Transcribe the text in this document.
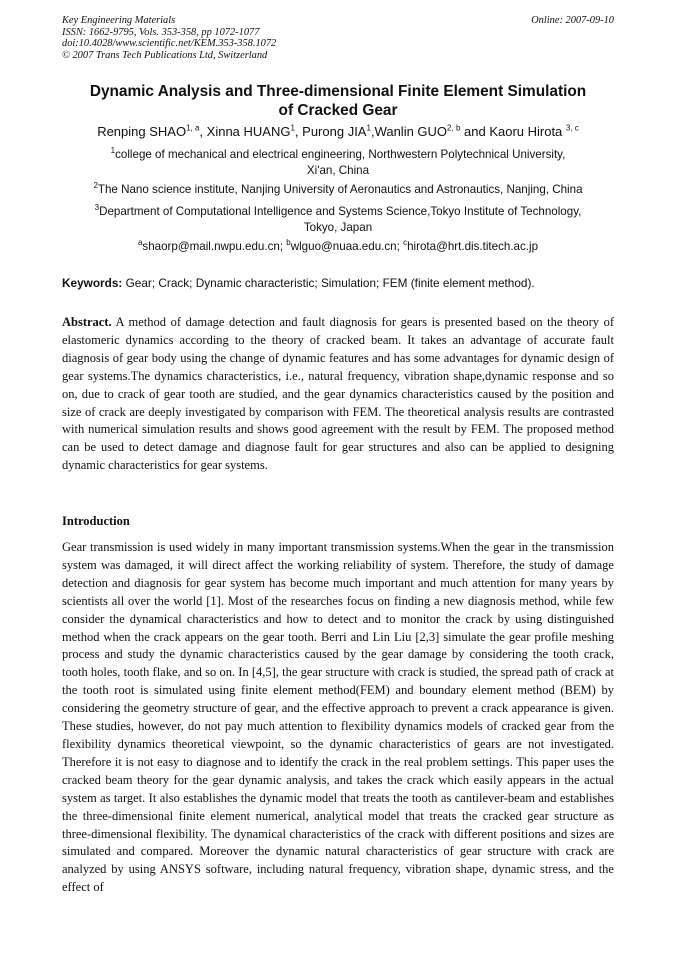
Key Engineering Materials
ISSN: 1662-9795, Vols. 353-358, pp 1072-1077
doi:10.4028/www.scientific.net/KEM.353-358.1072
© 2007 Trans Tech Publications Ltd, Switzerland
Online: 2007-09-10
Dynamic Analysis and Three-dimensional Finite Element Simulation
of Cracked Gear
Renping SHAO$^{1, a}$, Xinna HUANG$^1$, Purong JIA$^1$,Wanlin GUO$^{2, b}$ and Kaoru Hirota $^{3, c}$
$^1$college of mechanical and electrical engineering, Northwestern Polytechnical University,
Xi'an, China
$^2$The Nano science institute, Nanjing University of Aeronautics and Astronautics, Nanjing, China
$^3$Department of Computational Intelligence and Systems Science,Tokyo Institute of Technology,
Tokyo, Japan
$^a$shaorp@mail.nwpu.edu.cn; $^b$wlguo@nuaa.edu.cn; $^c$hirota@hrt.dis.titech.ac.jp
Keywords: Gear; Crack; Dynamic characteristic; Simulation; FEM (finite element method).

Abstract. A method of damage detection and fault diagnosis for gears is presented based on the theory of elastomeric dynamics according to the theory of cracked beam. It takes an advantage of accurate fault diagnosis of gear body using the change of dynamic features and has some advantages for dynamic design of gear systems.The dynamics characteristics, i.e., natural frequency, vibration shape,dynamic response and so on, due to crack of gear tooth are studied, and the gear dynamics characteristics caused by the position and size of crack are deeply investigated by comparison with FEM. The theoretical analysis results are contrasted with numerical simulation results and shows good agreement with the result by FEM. The proposed method can be used to detect damage and diagnose fault for gear structures and also can be applied to designing dynamic characteristics for gear systems.

Introduction

Gear transmission is used widely in many important transmission systems.When the gear in the transmission system was damaged, it will direct affect the working reliability of system. Therefore, the study of damage detection and diagnosis for gear system has become much important and much attention for many years by scientists all over the world [1]. Most of the researches focus on finding a new diagnosis method, while few consider the dynamical characteristics and how to detect and to monitor the crack by using distinguished method when the crack appears on the gear tooth. Berri and Lin Liu [2,3] simulate the gear profile meshing process and study the dynamic characteristics caused by the gear damage by considering the tooth crack, tooth holes, tooth flake, and so on. In [4,5], the gear structure with crack is studied, the spread path of crack at the tooth root is simulated using finite element method(FEM) and boundary element method (BEM) by considering the geometry structure of gear, and the effective approach to prevent a crack appearance is given. These studies, however, do not pay much attention to flexibility dynamics models of cracked gear from the flexibility dynamics theoretical viewpoint, so the dynamic characteristics of gears are not investigated. Therefore it is not easy to diagnose and to identify the crack in the real problem settings. This paper uses the cracked beam theory for the gear dynamic analysis, and takes the crack which easily appears in the actual system as target. It also establishes the dynamic model that treats the tooth as cantilever-beam and establishes the three-dimensional finite element numerical, analytical model that treats the cracked gear structure as three-dimensional flexibility. The dynamical characteristics of the crack with different positions and sizes are simulated and compared. Moreover the dynamic natural characteristics of gear structure with crack are analyzed by using ANSYS software, including natural frequency, vibration shape, dynamic stress, and the effect of
